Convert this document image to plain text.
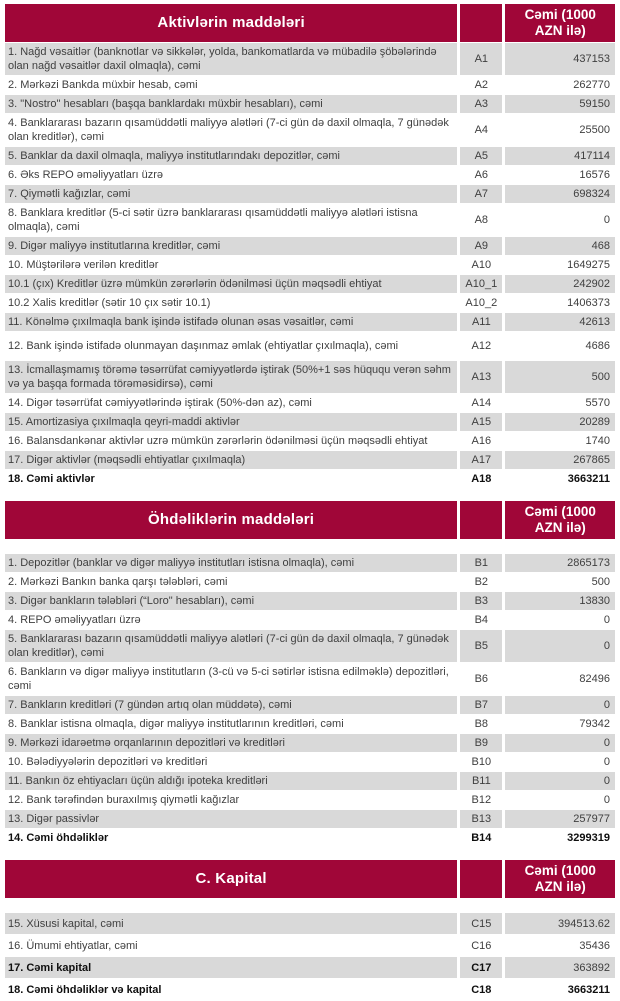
Aktivlərin maddələri		Cəmi (1000 AZN ilə)
1. Nağd vəsaitlər (banknotlar və sikkələr, yolda, bankomatlarda və mübadilə şöbələrində olan nağd vəsaitlər daxil olmaqla), cəmi	A1	437153
2. Mərkəzi Bankda müxbir hesab, cəmi	A2	262770
3. "Nostro" hesabları (başqa banklardakı müxbir hesabları), cəmi	A3	59150
4. Banklararası bazarın qısamüddətli maliyyə alətləri (7-ci gün də daxil olmaqla, 7 günədək olan kreditlər), cəmi	A4	25500
5. Banklar da daxil olmaqla, maliyyə institutlarındakı depozitlər, cəmi	A5	417114
6. Əks REPO əməliyyatları üzrə	A6	16576
7. Qiymətli kağızlar, cəmi	A7	698324
8. Banklara kreditlər (5-ci sətir üzrə banklararası qısamüddətli maliyyə alətləri istisna olmaqla), cəmi	A8	0
9. Digər maliyyə institutlarına kreditlər, cəmi	A9	468
10. Müştərilərə verilən kreditlər	A10	1649275
10.1 (çıx) Kreditlər üzrə mümkün zərərlərin ödənilməsi üçün məqsədli ehtiyat	A10_1	242902
10.2 Xalis kreditlər (sətir 10 çıx sətir 10.1)	A10_2	1406373
11. Könəlmə çıxılmaqla bank işində istifadə olunan əsas vəsaitlər, cəmi	A11	42613
12. Bank işində istifadə olunmayan daşınmaz əmlak (ehtiyatlar çıxılmaqla), cəmi	A12	4686
13. İcmallaşmamış törəmə təsərrüfat cəmiyyətlərdə iştirak (50%+1 səs hüququ verən səhm və ya başqa formada törəməsidirsə), cəmi	A13	500
14. Digər təsərrüfat cəmiyyətlərində iştirak (50%-dən az), cəmi	A14	5570
15. Amortizasiya çıxılmaqla qeyri-maddi aktivlər	A15	20289
16. Balansdankənar aktivlər uzrə mümkün zərərlərin ödənilməsi üçün məqsədli ehtiyat	A16	1740
17. Digər aktivlər (məqsədli ehtiyatlar çıxılmaqla)	A17	267865
18. Cəmi aktivlər	A18	3663211
Öhdəliklərin maddələri		Cəmi (1000 AZN ilə)

1. Depozitlər (banklar və digər maliyyə institutları istisna olmaqla), cəmi	B1	2865173
2. Mərkəzi Bankın banka qarşı tələbləri, cəmi	B2	500
3. Digər bankların tələbləri (“Loro" hesabları), cəmi	B3	13830
4. REPO əməliyyatları üzrə	B4	0
5. Banklararası bazarın qısamüddətli maliyyə alətləri (7-ci gün də daxil olmaqla, 7 günədək olan kreditlər), cəmi	B5	0
6. Bankların və digər maliyyə institutların (3-cü və 5-ci sətirlər istisna edilməklə) depozitləri, cəmi	B6	82496
7. Bankların kreditləri (7 gündən artıq olan müddətə), cəmi	B7	0
8. Banklar istisna olmaqla, digər maliyyə institutlarının kreditləri, cəmi	B8	79342
9. Mərkəzi idarəetmə orqanlarının depozitləri və kreditləri	B9	0
10. Bələdiyyələrin depozitləri və kreditləri	B10	0
11. Bankın öz ehtiyacları üçün aldığı ipoteka kreditləri	B11	0
12. Bank tərəfindən buraxılmış qiymətli kağızlar	B12	0
13. Digər passivlər	B13	257977
14. Cəmi öhdəliklər	B14	3299319
C. Kapital		Cəmi (1000 AZN ilə)

15. Xüsusi kapital, cəmi	C15	394513.62
16. Ümumi ehtiyatlar, cəmi	C16	35436
17. Cəmi kapital	C17	363892
18. Cəmi öhdəliklər və kapital	C18	3663211
